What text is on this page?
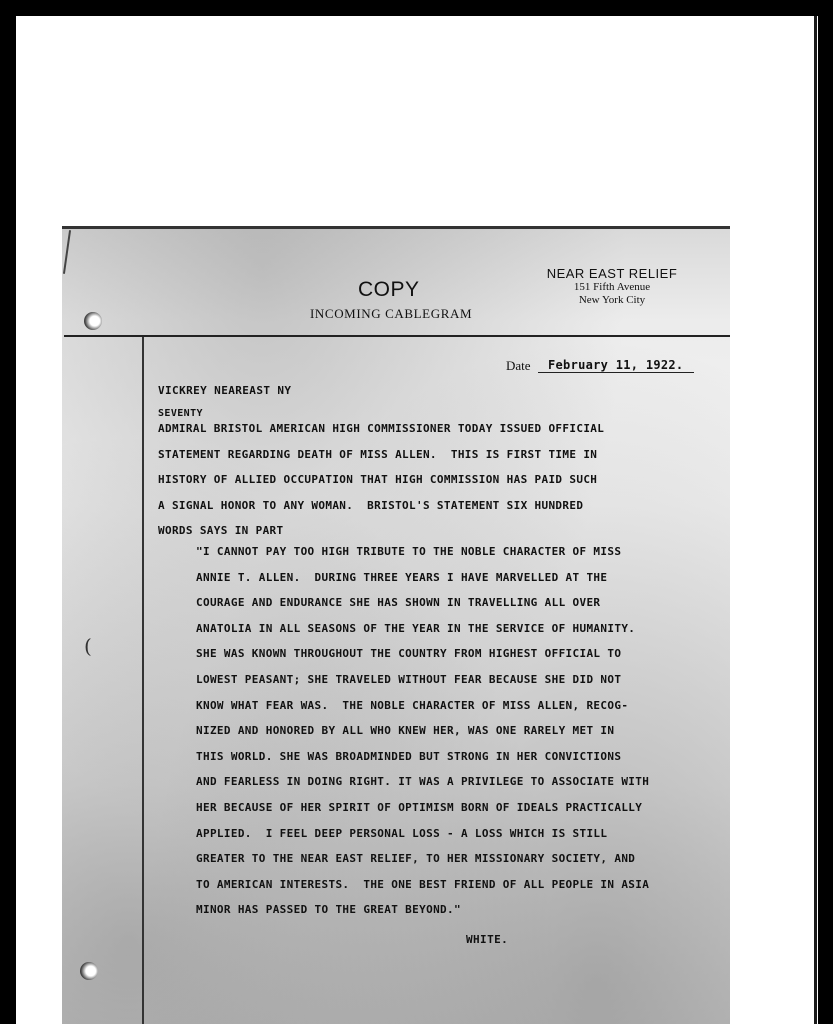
(
COPY
INCOMING CABLEGRAM
NEAR EAST RELIEF
151 Fifth Avenue
New York City
Date February 11, 1922.
VICKREY NEAREAST NY
SEVENTY
ADMIRAL BRISTOL AMERICAN HIGH COMMISSIONER TODAY ISSUED OFFICIAL
STATEMENT REGARDING DEATH OF MISS ALLEN.  THIS IS FIRST TIME IN
HISTORY OF ALLIED OCCUPATION THAT HIGH COMMISSION HAS PAID SUCH
A SIGNAL HONOR TO ANY WOMAN.  BRISTOL'S STATEMENT SIX HUNDRED
WORDS SAYS IN PART
"I CANNOT PAY TOO HIGH TRIBUTE TO THE NOBLE CHARACTER OF MISS
ANNIE T. ALLEN.  DURING THREE YEARS I HAVE MARVELLED AT THE
COURAGE AND ENDURANCE SHE HAS SHOWN IN TRAVELLING ALL OVER
ANATOLIA IN ALL SEASONS OF THE YEAR IN THE SERVICE OF HUMANITY.
SHE WAS KNOWN THROUGHOUT THE COUNTRY FROM HIGHEST OFFICIAL TO
LOWEST PEASANT; SHE TRAVELED WITHOUT FEAR BECAUSE SHE DID NOT
KNOW WHAT FEAR WAS.  THE NOBLE CHARACTER OF MISS ALLEN, RECOG-
NIZED AND HONORED BY ALL WHO KNEW HER, WAS ONE RARELY MET IN
THIS WORLD. SHE WAS BROADMINDED BUT STRONG IN HER CONVICTIONS
AND FEARLESS IN DOING RIGHT. IT WAS A PRIVILEGE TO ASSOCIATE WITH
HER BECAUSE OF HER SPIRIT OF OPTIMISM BORN OF IDEALS PRACTICALLY
APPLIED.  I FEEL DEEP PERSONAL LOSS - A LOSS WHICH IS STILL
GREATER TO THE NEAR EAST RELIEF, TO HER MISSIONARY SOCIETY, AND
TO AMERICAN INTERESTS.  THE ONE BEST FRIEND OF ALL PEOPLE IN ASIA
MINOR HAS PASSED TO THE GREAT BEYOND."
WHITE.
